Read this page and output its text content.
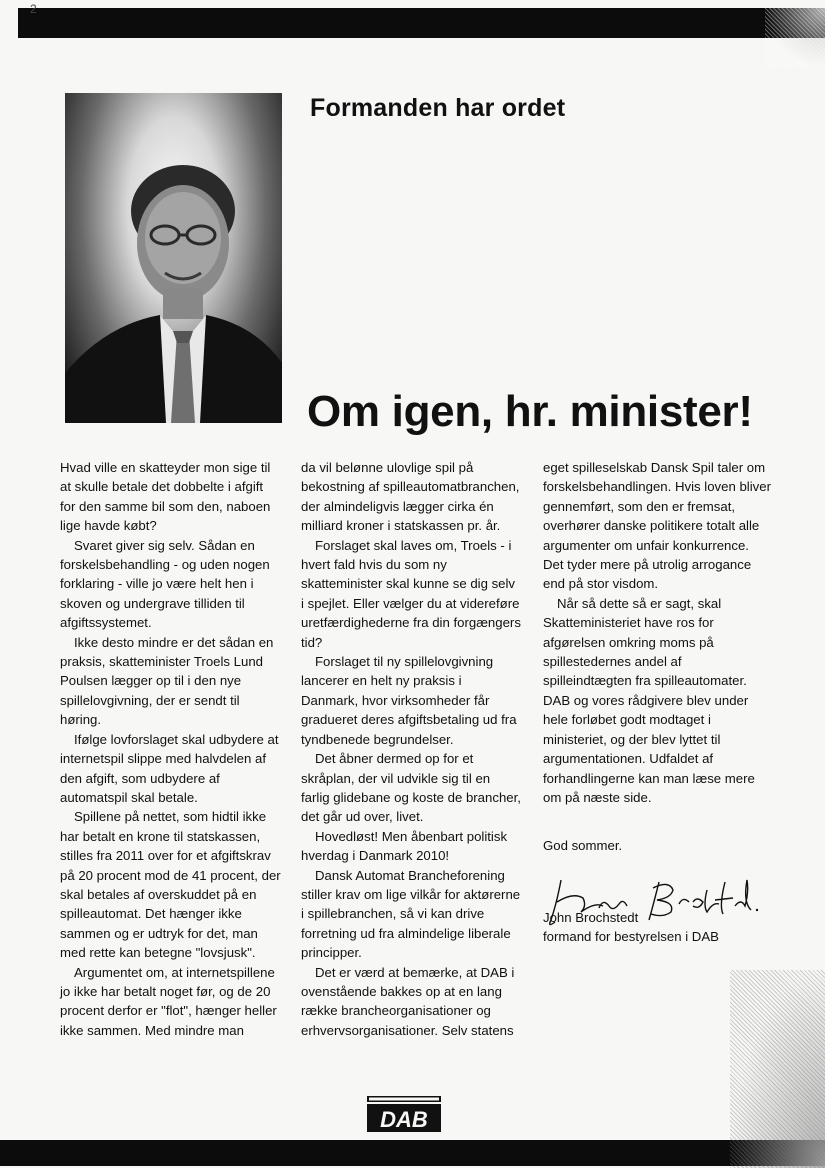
2
Formanden har ordet
Om igen, hr. minister!

Hvad ville en skatteyder mon sige til at skulle betale det dobbelte i afgift for den samme bil som den, naboen lige havde købt?

Svaret giver sig selv. Sådan en forskelsbehandling - og uden nogen forklaring - ville jo være helt hen i skoven og undergrave tilliden til afgiftssystemet.

Ikke desto mindre er det sådan en praksis, skatteminister Troels Lund Poulsen lægger op til i den nye spillelovgivning, der er sendt til høring.

Ifølge lovforslaget skal udbydere at internetspil slippe med halvdelen af den afgift, som udbydere af automatspil skal betale.

Spillene på nettet, som hidtil ikke har betalt en krone til statskassen, stilles fra 2011 over for et afgiftskrav på 20 procent mod de 41 procent, der skal betales af overskuddet på en spilleautomat. Det hænger ikke sammen og er udtryk for det, man med rette kan betegne "lovsjusk".

Argumentet om, at internetspillene jo ikke har betalt noget før, og de 20 procent derfor er "flot", hænger heller ikke sammen. Med mindre man

da vil belønne ulovlige spil på bekostning af spilleautomatbranchen, der almindeligvis lægger cirka én milliard kroner i statskassen pr. år.

Forslaget skal laves om, Troels - i hvert fald hvis du som ny skatteminister skal kunne se dig selv i spejlet. Eller vælger du at videreføre uretfærdighederne fra din forgængers tid?

Forslaget til ny spillelovgivning lancerer en helt ny praksis i Danmark, hvor virksomheder får gradueret deres afgiftsbetaling ud fra tyndbenede begrundelser.

Det åbner dermed op for et skråplan, der vil udvikle sig til en farlig glidebane og koste de brancher, det går ud over, livet.

Hovedløst! Men åbenbart politisk hverdag i Danmark 2010!

Dansk Automat Brancheforening stiller krav om lige vilkår for aktørerne i spillebranchen, så vi kan drive forretning ud fra almindelige liberale principper.

Det er værd at bemærke, at DAB i ovenstående bakkes op at en lang række brancheorganisationer og erhvervsorganisationer. Selv statens

eget spilleselskab Dansk Spil taler om forskelsbehandlingen. Hvis loven bliver gennemført, som den er fremsat, overhører danske politikere totalt alle argumenter om unfair konkurrence. Det tyder mere på utrolig arrogance end på stor visdom.

Når så dette så er sagt, skal Skatteministeriet have ros for afgørelsen omkring moms på spillestedernes andel af spilleindtægten fra spilleautomater. DAB og vores rådgivere blev under hele forløbet godt modtaget i ministeriet, og der blev lyttet til argumentationen. Udfaldet af forhandlingerne kan man læse mere om på næste side.

God sommer.

John Brochstedt

formand for bestyrelsen i DAB

DAB
